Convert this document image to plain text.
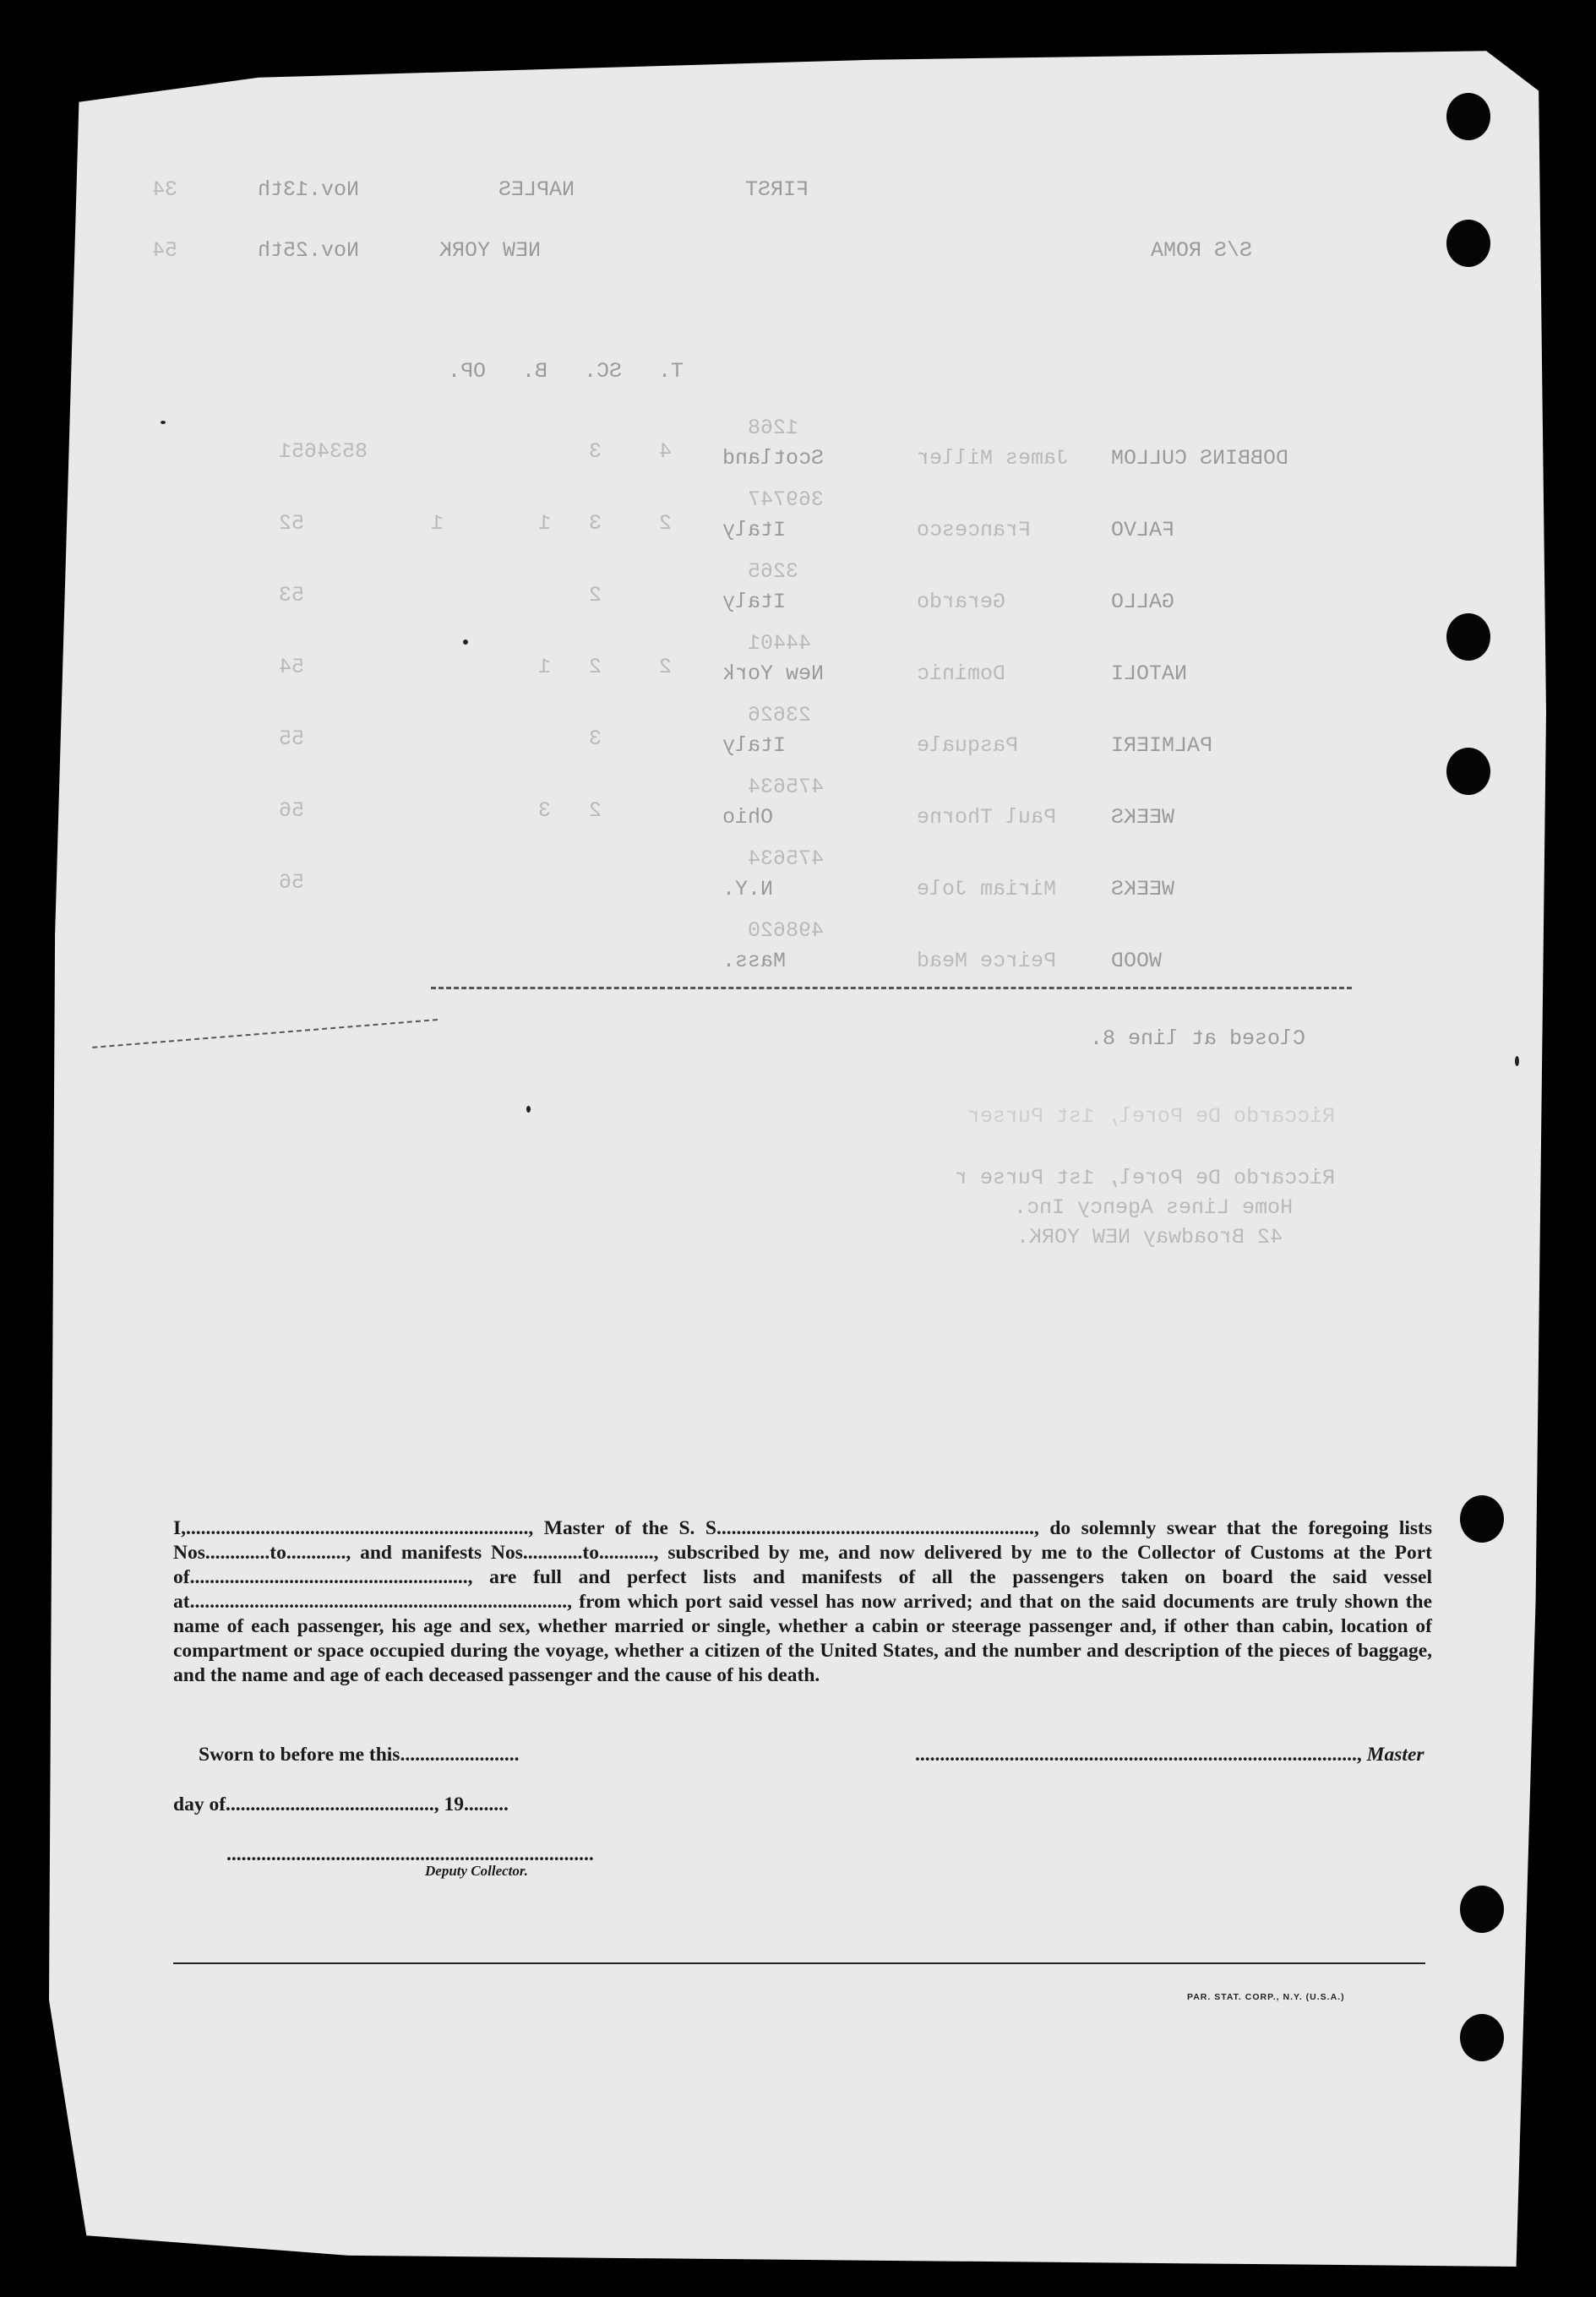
FIRST
NAPLES
Nov.13th
34
S/S ROMA
NEW YORK
Nov.25th
54
T. SC. B. OP.
DOBBINS CULLOM
James Miller
Scotland
1268
4
3
8534651
FALVO
Francesco
Italy
369747
2
3
1
1
52
GALLO
Gerardo
Italy
3265
2
53
NATOLI
Dominic
New York
44401
2
2
1
54
PALMIERI
Pasquale
Italy
23626
3
55
WEEKS
Paul Thorne
Ohio
475634
2
3
56
WEEKS
Miriam Jole
N.Y.
475634
56
WOOD
Peirce Mead
Mass.
498620
Closed at line 8.
Riccardo De Porel, 1st Purser
Riccardo De Porel, 1st Purse r
Home Lines Agency Inc.
42 Broadway NEW YORK.

I,....................................................................., Master of the S. S................................................................, do solemnly swear that the foregoing lists Nos.............to............, and manifests Nos............to..........., subscribed by me, and now delivered by me to the Collector of Customs at the Port of........................................................, are full and perfect lists and manifests of all the passengers taken on board the said vessel at............................................................................, from which port said vessel has now arrived; and that on the said documents are truly shown the name of each passenger, his age and sex, whether married or single, whether a cabin or steerage passenger and, if other than cabin, location of compartment or space occupied during the voyage, whether a citizen of the United States, and the number and description of the pieces of baggage, and the name and age of each deceased passenger and the cause of his death.

Sworn to before me this........................	........................................................................................., Master
day of.........................................., 19.........
..........................................................................
Deputy Collector.
PAR. STAT. CORP., N.Y. (U.S.A.)
